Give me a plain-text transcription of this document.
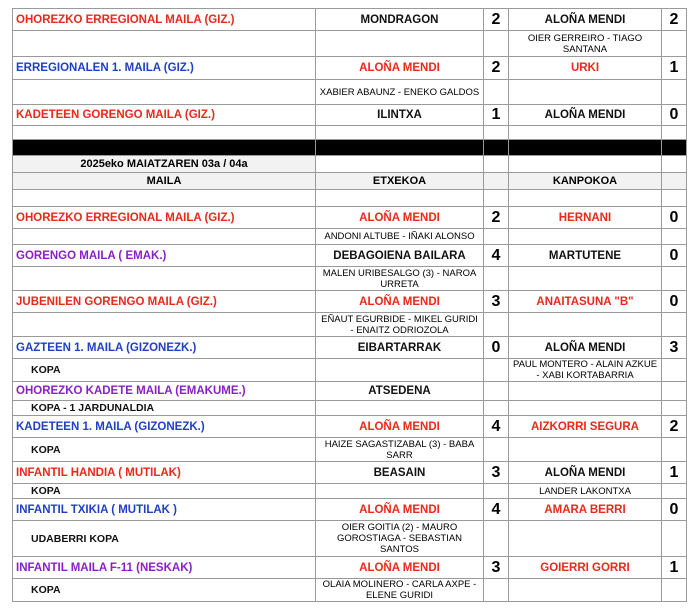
OHOREZKO ERREGIONAL MAILA (GIZ.)	MONDRAGON	2	ALOÑA MENDI	2
			OIER GERREIRO - TIAGO SANTANA	
ERREGIONALEN 1. MAILA (GIZ.)	ALOÑA MENDI	2	URKI	1
	XABIER ABAUNZ - ENEKO GALDOS			
KADETEEN GORENGO MAILA (GIZ.)	ILINTXA	1	ALOÑA MENDI	0

2025eko MAIATZAREN 03a / 04a				
MAILA	ETXEKOA		KANPOKOA	

OHOREZKO ERREGIONAL MAILA (GIZ.)	ALOÑA MENDI	2	HERNANI	0
	ANDONI ALTUBE - IÑAKI ALONSO			
GORENGO MAILA ( EMAK.)	DEBAGOIENA BAILARA	4	MARTUTENE	0
	MALEN URIBESALGO (3) - NAROA URRETA			
JUBENILEN GORENGO MAILA (GIZ.)	ALOÑA MENDI	3	ANAITASUNA "B"	0
	EÑAUT EGURBIDE - MIKEL GURIDI - ENAITZ ODRIOZOLA			
GAZTEEN 1. MAILA (GIZONEZK.)	EIBARTARRAK	0	ALOÑA MENDI	3
KOPA			PAUL MONTERO - ALAIN AZKUE - XABI KORTABARRIA	
OHOREZKO KADETE MAILA (EMAKUME.)	ATSEDENA			
KOPA - 1 JARDUNALDIA				
KADETEEN 1. MAILA (GIZONEZK.)	ALOÑA MENDI	4	AIZKORRI SEGURA	2
KOPA	HAIZE SAGASTIZABAL (3) - BABA SARR			
INFANTIL HANDIA ( MUTILAK)	BEASAIN	3	ALOÑA MENDI	1
KOPA			LANDER LAKONTXA	
INFANTIL TXIKIA ( MUTILAK )	ALOÑA MENDI	4	AMARA BERRI	0
UDABERRI KOPA	OIER GOITIA (2) - MAURO GOROSTIAGA - SEBASTIAN SANTOS			
INFANTIL MAILA F-11 (NESKAK)	ALOÑA MENDI	3	GOIERRI GORRI	1
KOPA	OLAIA MOLINERO - CARLA AXPE - ELENE GURIDI			
